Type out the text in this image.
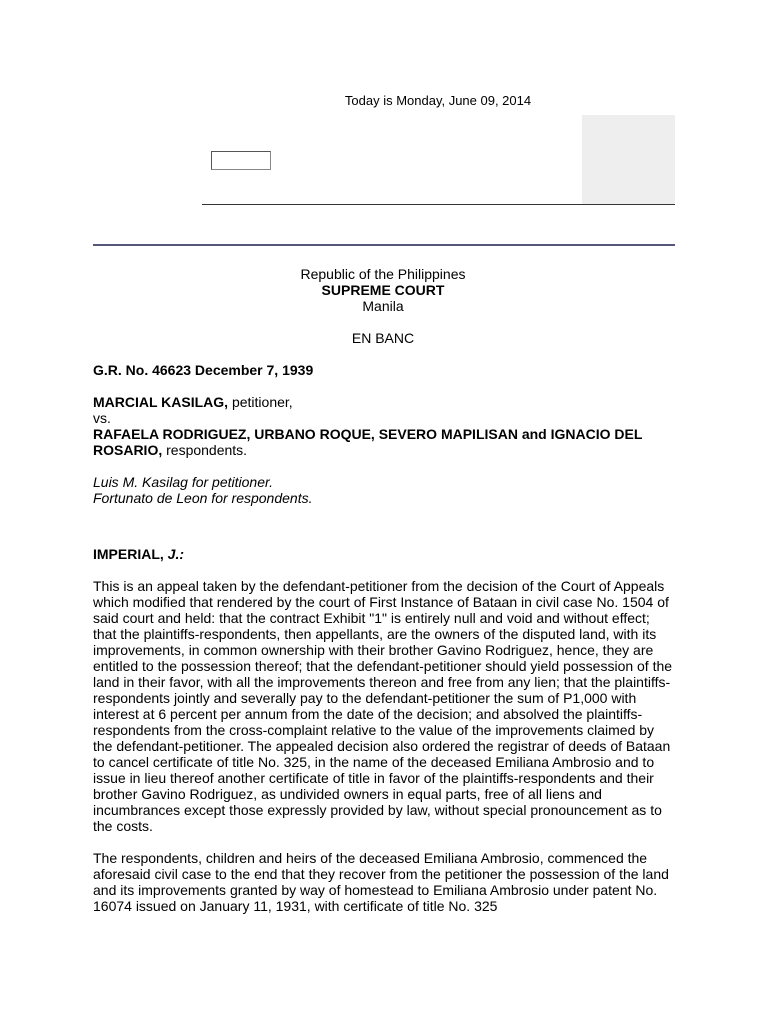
Today is Monday, June 09, 2014

Republic of the Philippines

SUPREME COURT

Manila

EN BANC

G.R. No. 46623 December 7, 1939

MARCIAL KASILAG, petitioner,

vs.

RAFAELA RODRIGUEZ, URBANO ROQUE, SEVERO MAPILISAN and IGNACIO DEL ROSARIO, respondents.

Luis M. Kasilag for petitioner.

Fortunato de Leon for respondents.

IMPERIAL, J.:

This is an appeal taken by the defendant-petitioner from the decision of the Court of Appeals which modified that rendered by the court of First Instance of Bataan in civil case No. 1504 of said court and held: that the contract Exhibit "1" is entirely null and void and without effect; that the plaintiffs-respondents, then appellants, are the owners of the disputed land, with its improvements, in common ownership with their brother Gavino Rodriguez, hence, they are entitled to the possession thereof; that the defendant-petitioner should yield possession of the land in their favor, with all the improvements thereon and free from any lien; that the plaintiffs-respondents jointly and severally pay to the defendant-petitioner the sum of P1,000 with interest at 6 percent per annum from the date of the decision; and absolved the plaintiffs-respondents from the cross-complaint relative to the value of the improvements claimed by the defendant-petitioner. The appealed decision also ordered the registrar of deeds of Bataan to cancel certificate of title No. 325, in the name of the deceased Emiliana Ambrosio and to issue in lieu thereof another certificate of title in favor of the plaintiffs-respondents and their brother Gavino Rodriguez, as undivided owners in equal parts, free of all liens and incumbrances except those expressly provided by law, without special pronouncement as to the costs.

The respondents, children and heirs of the deceased Emiliana Ambrosio, commenced the aforesaid civil case to the end that they recover from the petitioner the possession of the land and its improvements granted by way of homestead to Emiliana Ambrosio under patent No. 16074 issued on January 11, 1931, with certificate of title No. 325
